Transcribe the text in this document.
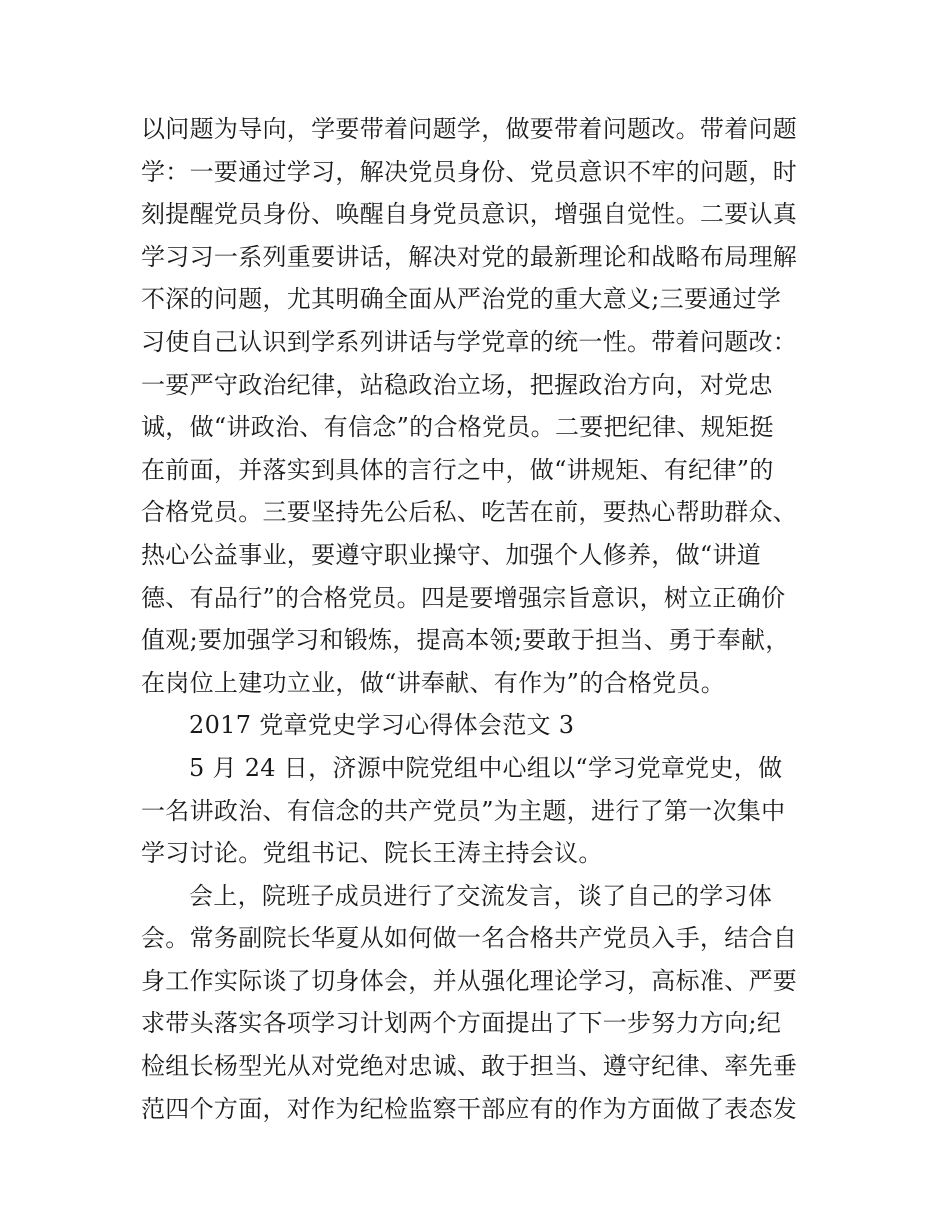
以问题为导向，学要带着问题学，做要带着问题改。带着问题
学：一要通过学习，解决党员身份、党员意识不牢的问题，时
刻提醒党员身份、唤醒自身党员意识，增强自觉性。二要认真
学习习一系列重要讲话，解决对党的最新理论和战略布局理解
不深的问题，尤其明确全面从严治党的重大意义;三要通过学
习使自己认识到学系列讲话与学党章的统一性。带着问题改：
一要严守政治纪律，站稳政治立场，把握政治方向，对党忠
诚，做“讲政治、有信念”的合格党员。二要把纪律、规矩挺
在前面，并落实到具体的言行之中，做“讲规矩、有纪律”的
合格党员。三要坚持先公后私、吃苦在前，要热心帮助群众、
热心公益事业，要遵守职业操守、加强个人修养，做“讲道
德、有品行”的合格党员。四是要增强宗旨意识，树立正确价
值观;要加强学习和锻炼，提高本领;要敢于担当、勇于奉献，
在岗位上建功立业，做“讲奉献、有作为”的合格党员。
2017 党章党史学习心得体会范文 3
5 月 24 日，济源中院党组中心组以“学习党章党史，做
一名讲政治、有信念的共产党员”为主题，进行了第一次集中
学习讨论。党组书记、院长王涛主持会议。
会上，院班子成员进行了交流发言，谈了自己的学习体
会。常务副院长华夏从如何做一名合格共产党员入手，结合自
身工作实际谈了切身体会，并从强化理论学习，高标准、严要
求带头落实各项学习计划两个方面提出了下一步努力方向;纪
检组长杨型光从对党绝对忠诚、敢于担当、遵守纪律、率先垂
范四个方面，对作为纪检监察干部应有的作为方面做了表态发
